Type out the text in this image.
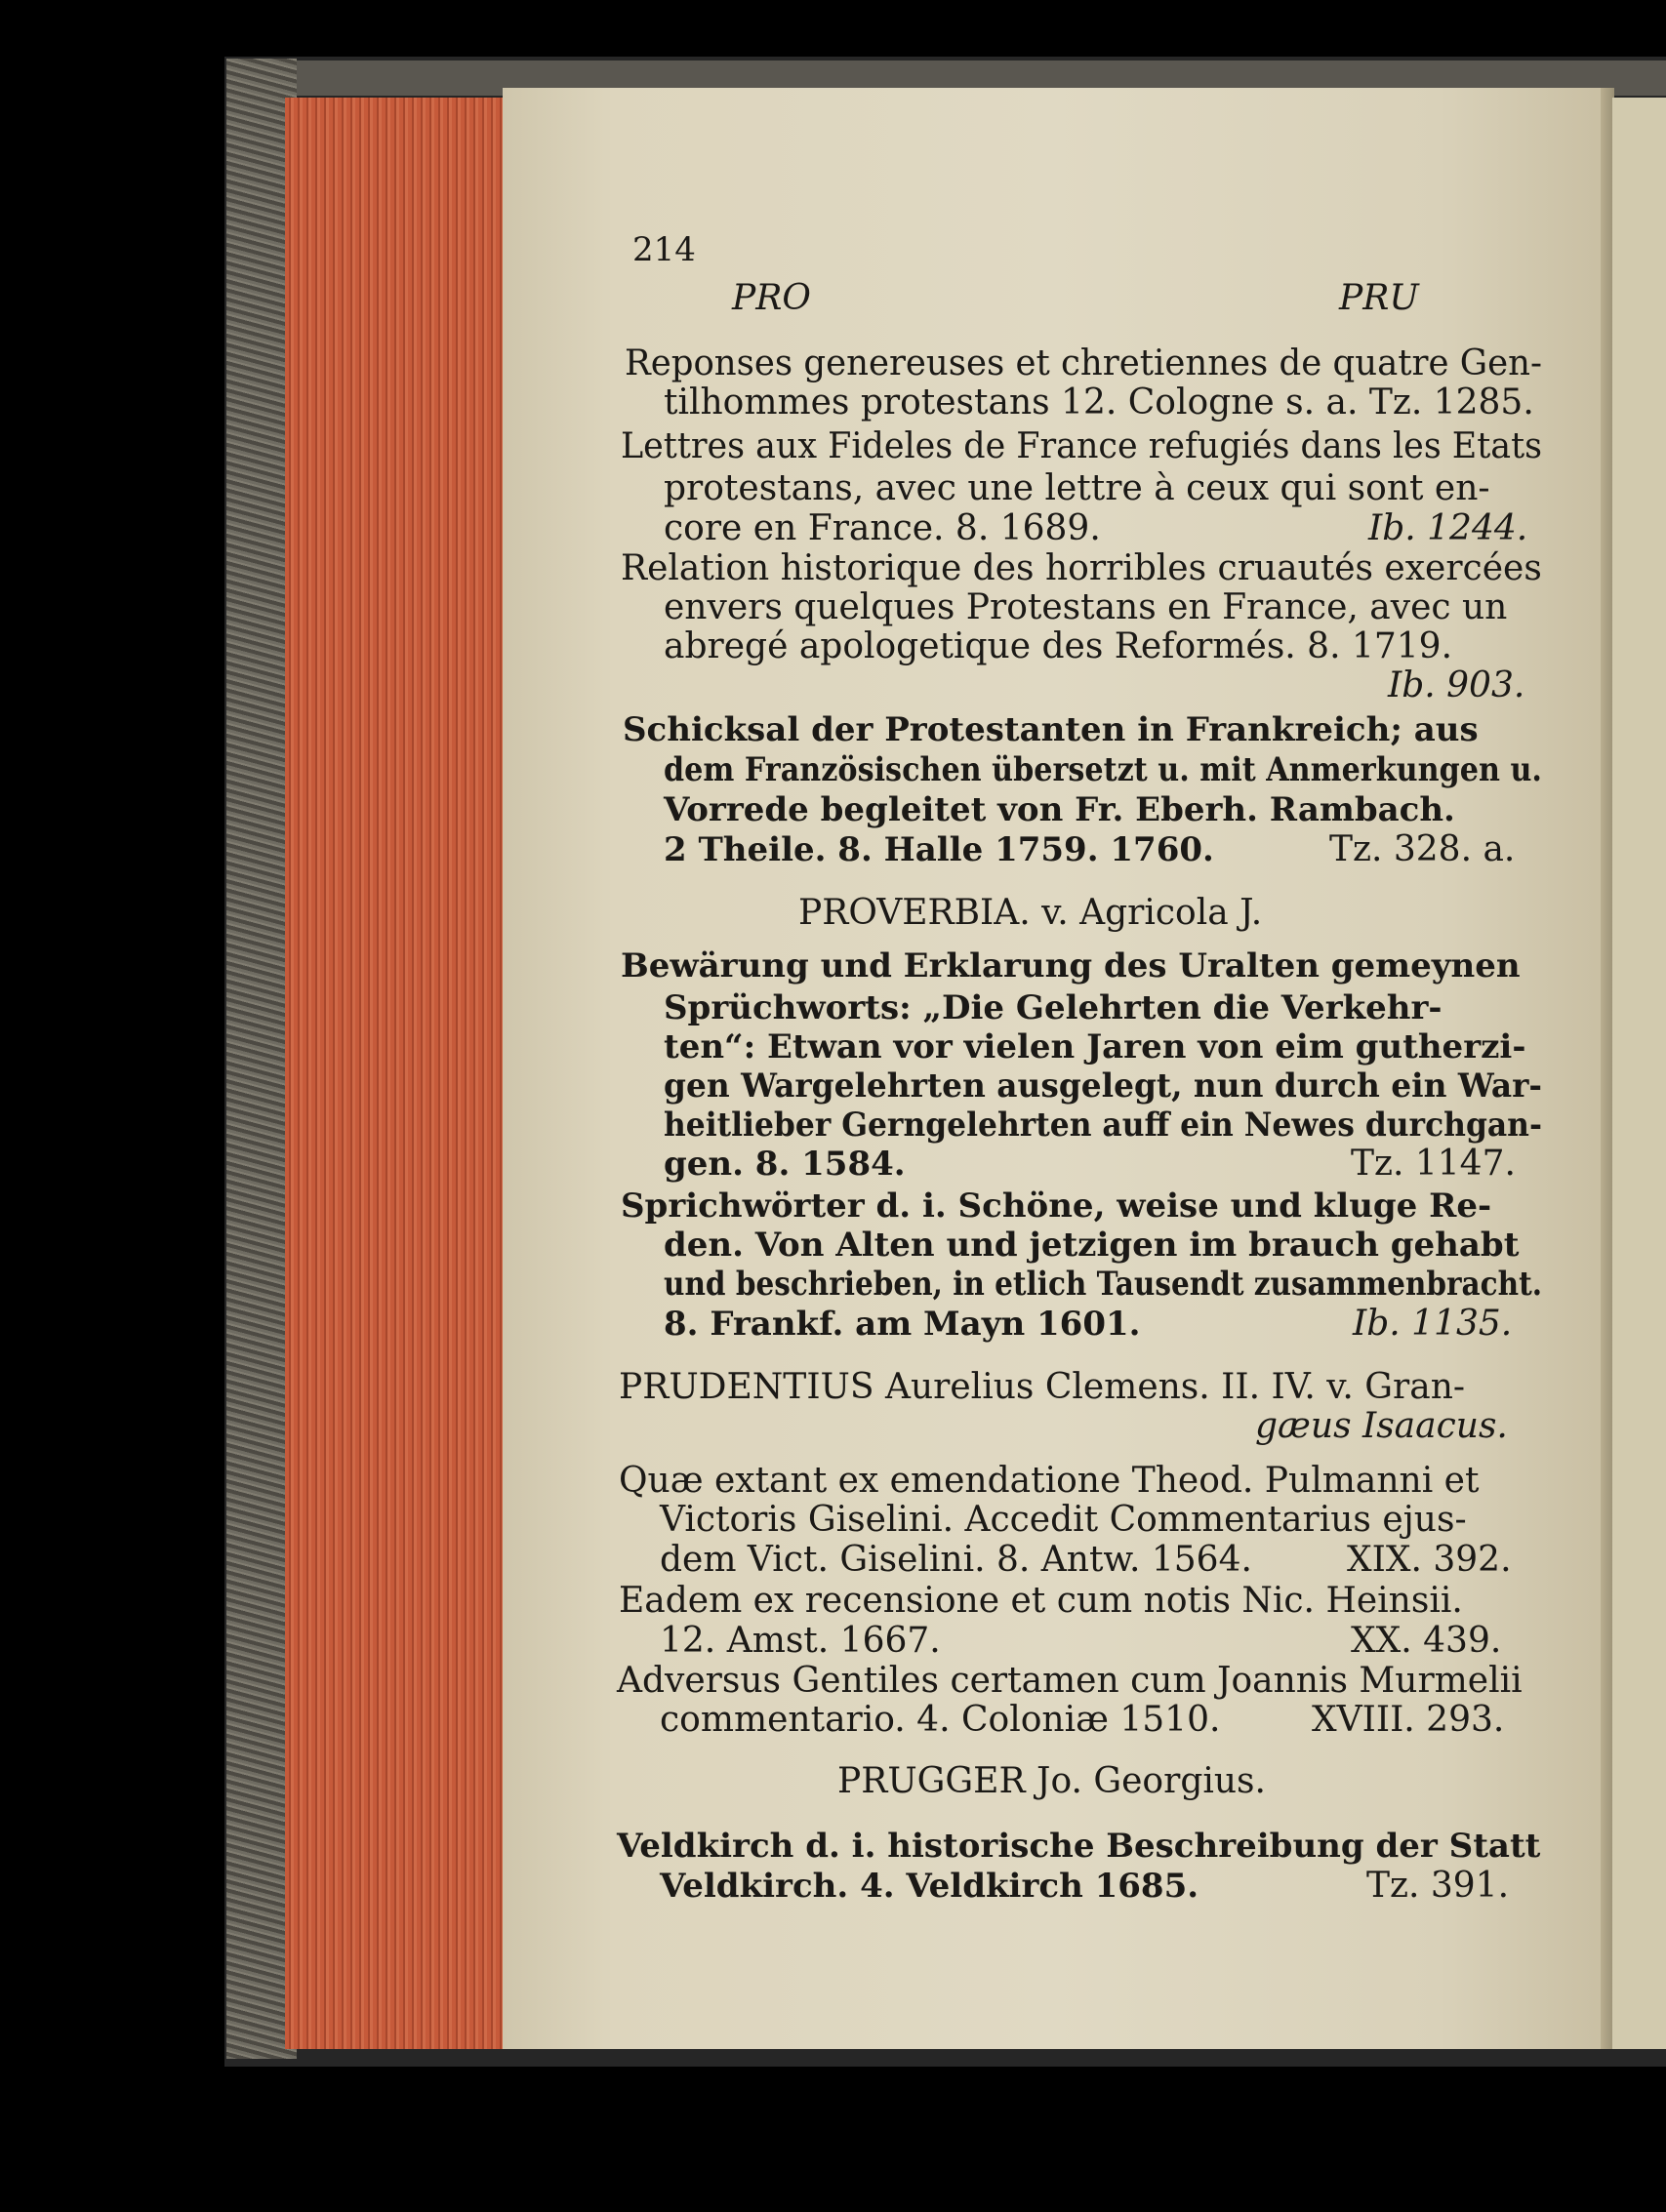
214

PRO	PRU

Reponses genereuses et chretiennes de quatre Gen-

tilhommes protestans 12. Cologne s. a. Tz. 1285.

Lettres aux Fideles de France refugiés dans les Etats

protestans, avec une lettre à ceux qui sont en-

core en France. 8. 1689.	Ib. 1244.

Relation historique des horribles cruautés exercées

envers quelques Protestans en France, avec un

abregé apologetique des Reformés. 8. 1719.

Ib. 903.

Schicksal der Protestanten in Frankreich; aus

dem Französischen übersetzt u. mit Anmerkungen u.

Vorrede begleitet von Fr. Eberh. Rambach.

2 Theile. 8. Halle 1759. 1760.	Tz. 328. a.

PROVERBIA. v. Agricola J.

Bewärung und Erklarung des Uralten gemeynen

Sprüchworts: „Die Gelehrten die Verkehr-

ten“: Etwan vor vielen Jaren von eim gutherzi-

gen Wargelehrten ausgelegt, nun durch ein War-

heitlieber Gerngelehrten auff ein Newes durchgan-

gen. 8. 1584.	Tz. 1147.

Sprichwörter d. i. Schöne, weise und kluge Re-

den. Von Alten und jetzigen im brauch gehabt

und beschrieben, in etlich Tausendt zusammenbracht.

8. Frankf. am Mayn 1601.	Ib. 1135.

PRUDENTIUS Aurelius Clemens. II. IV. v. Gran-

gæus Isaacus.

Quæ extant ex emendatione Theod. Pulmanni et

Victoris Giselini. Accedit Commentarius ejus-

dem Vict. Giselini. 8. Antw. 1564.	XIX. 392.

Eadem ex recensione et cum notis Nic. Heinsii.

12. Amst. 1667.	XX. 439.

Adversus Gentiles certamen cum Joannis Murmelii

commentario. 4. Coloniæ 1510.	XVIII. 293.

PRUGGER Jo. Georgius.

Veldkirch d. i. historische Beschreibung der Statt

Veldkirch. 4. Veldkirch 1685.	Tz. 391.
